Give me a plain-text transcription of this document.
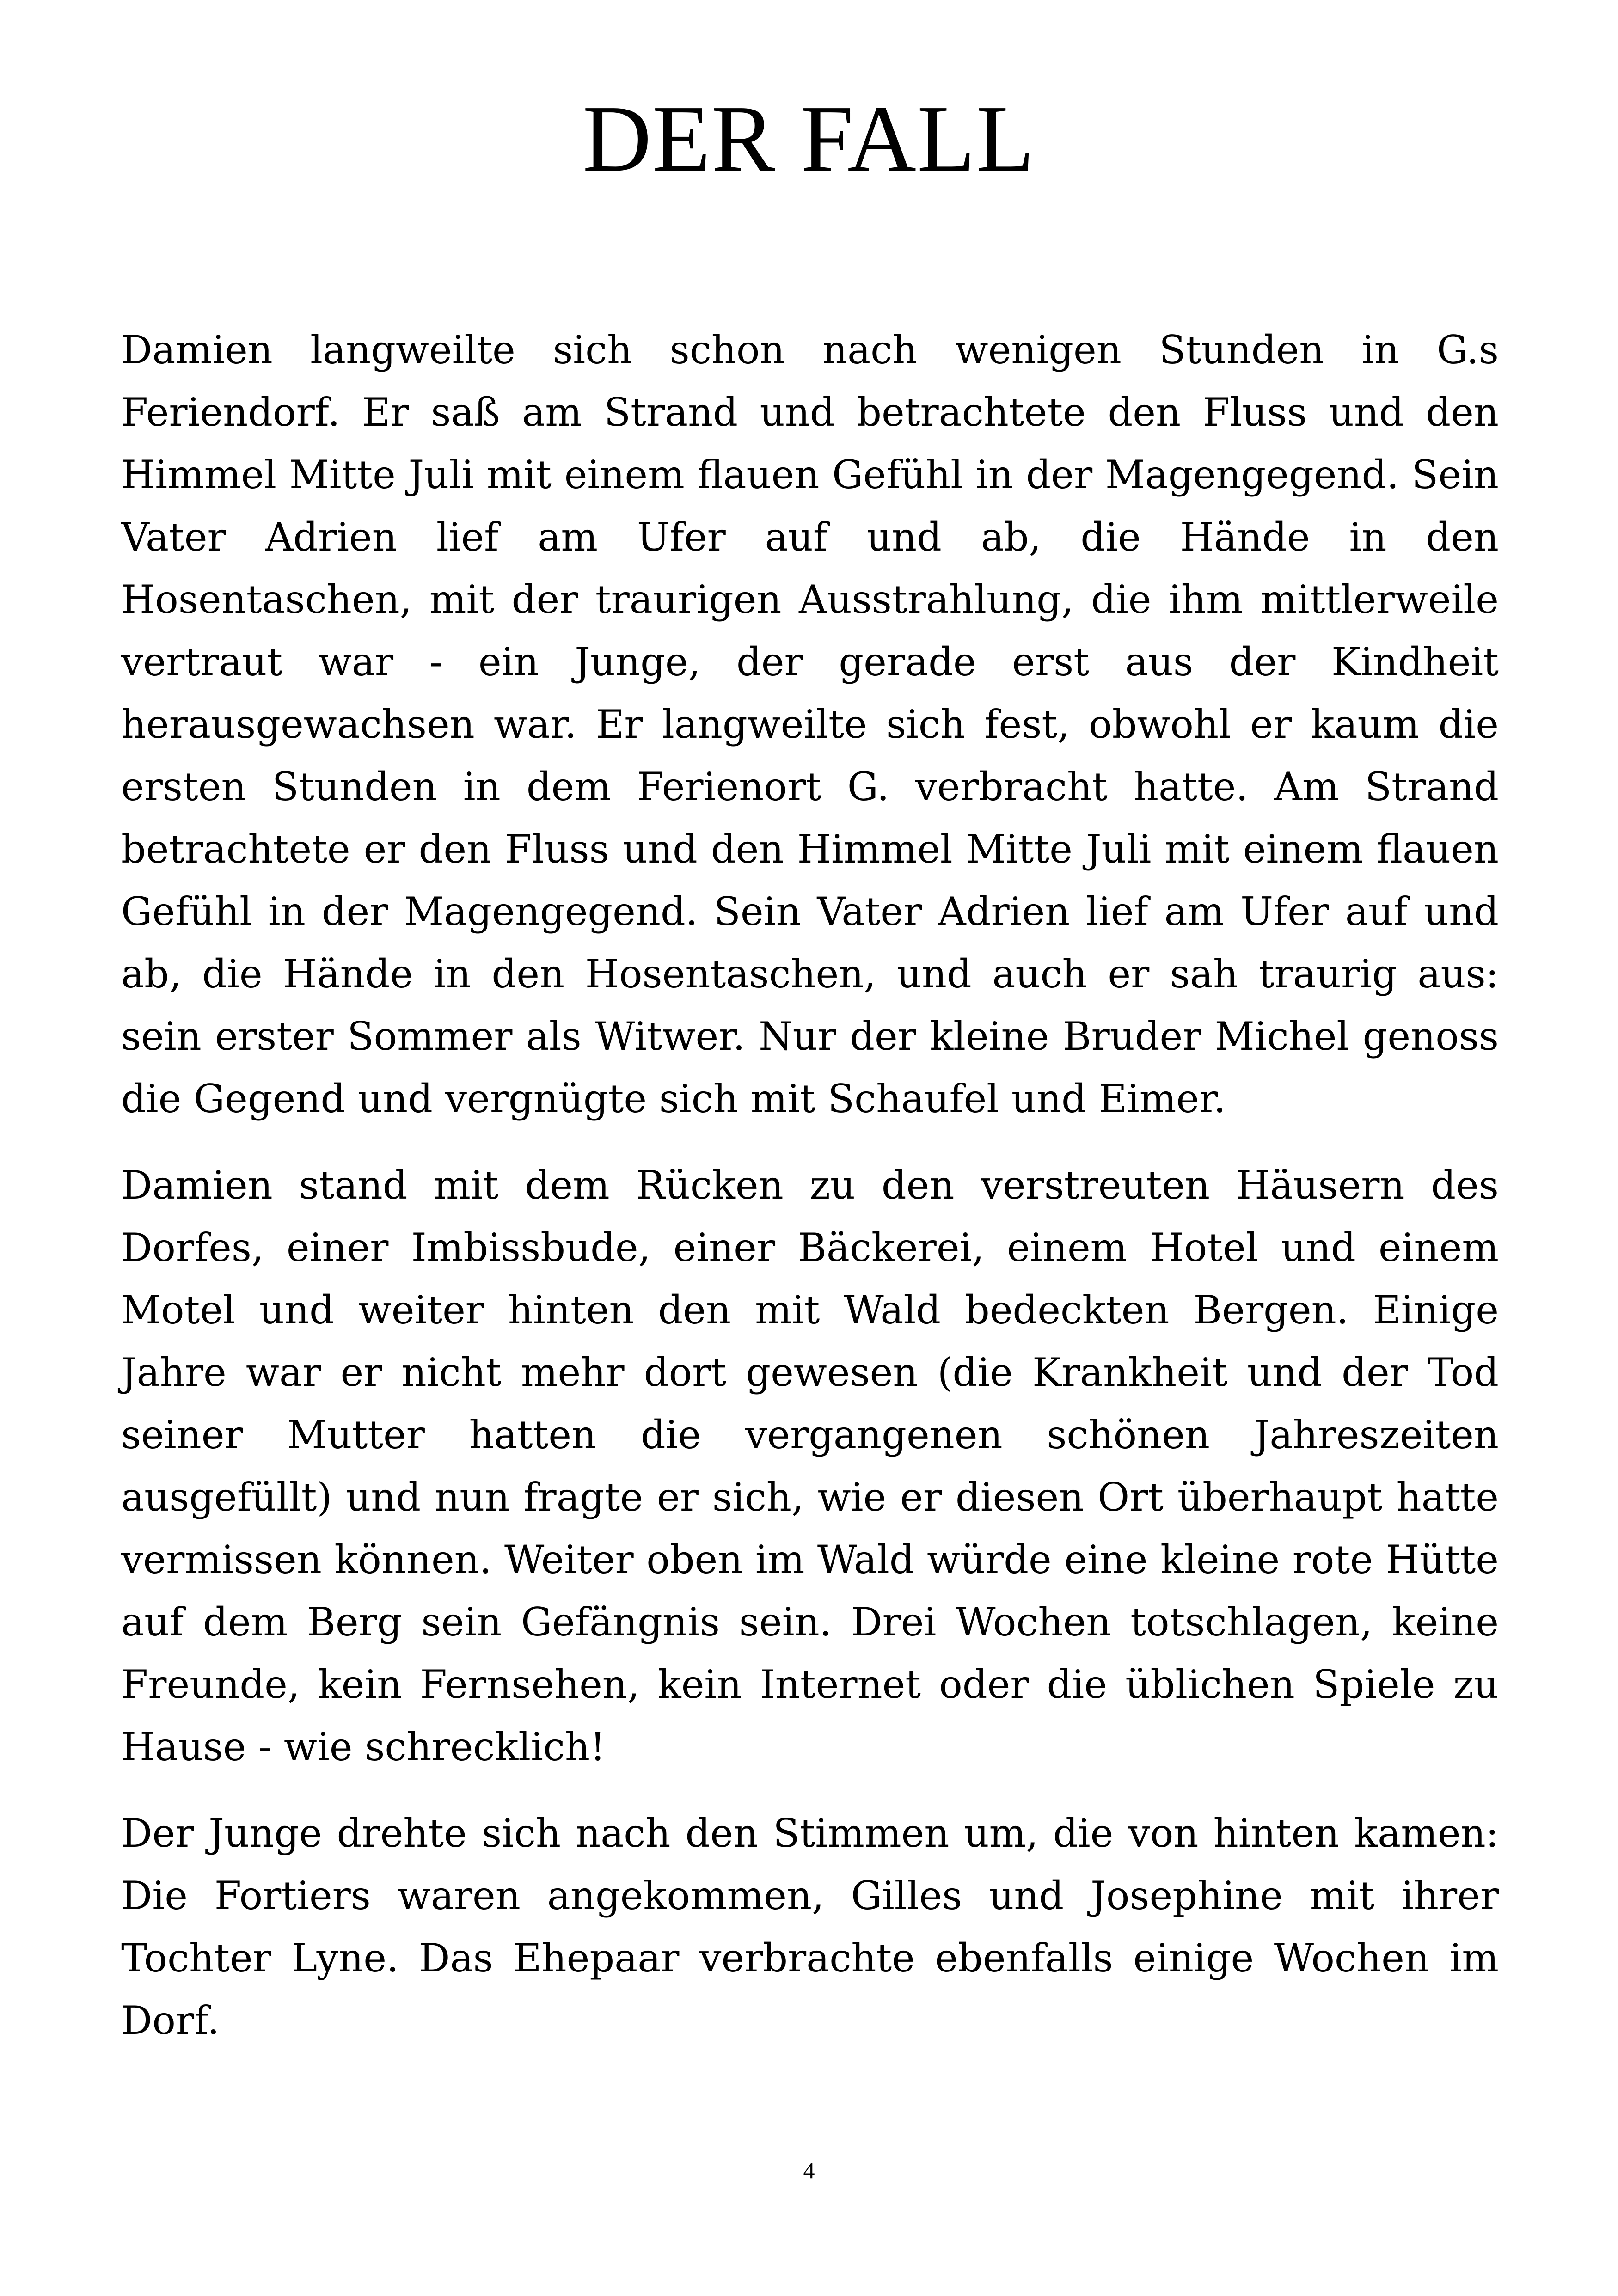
DER FALL

Damien langweilte sich schon nach wenigen Stunden in G.s Feriendorf. Er saß am Strand und betrachtete den Fluss und den Himmel Mitte Juli mit einem flauen Gefühl in der Magengegend. Sein Vater Adrien lief am Ufer auf und ab, die Hände in den Hosentaschen, mit der traurigen Ausstrahlung, die ihm mittlerweile vertraut war - ein Junge, der gerade erst aus der Kindheit herausgewachsen war. Er langweilte sich fest, obwohl er kaum die ersten Stunden in dem Ferienort G. verbracht hatte. Am Strand betrachtete er den Fluss und den Himmel Mitte Juli mit einem flauen Gefühl in der Magengegend. Sein Vater Adrien lief am Ufer auf und ab, die Hände in den Hosentaschen, und auch er sah traurig aus: sein erster Sommer als Witwer. Nur der kleine Bruder Michel genoss die Gegend und vergnügte sich mit Schaufel und Eimer.

Damien stand mit dem Rücken zu den verstreuten Häusern des Dorfes, einer Imbissbude, einer Bäckerei, einem Hotel und einem Motel und weiter hinten den mit Wald bedeckten Bergen. Einige Jahre war er nicht mehr dort gewesen (die Krankheit und der Tod seiner Mutter hatten die vergangenen schönen Jahreszeiten ausgefüllt) und nun fragte er sich, wie er diesen Ort überhaupt hatte vermissen können. Weiter oben im Wald würde eine kleine rote Hütte auf dem Berg sein Gefängnis sein. Drei Wochen totschlagen, keine Freunde, kein Fernsehen, kein Internet oder die üblichen Spiele zu Hause - wie schrecklich!

Der Junge drehte sich nach den Stimmen um, die von hinten kamen: Die Fortiers waren angekommen, Gilles und Josephine mit ihrer Tochter Lyne. Das Ehepaar verbrachte ebenfalls einige Wochen im Dorf.

4
